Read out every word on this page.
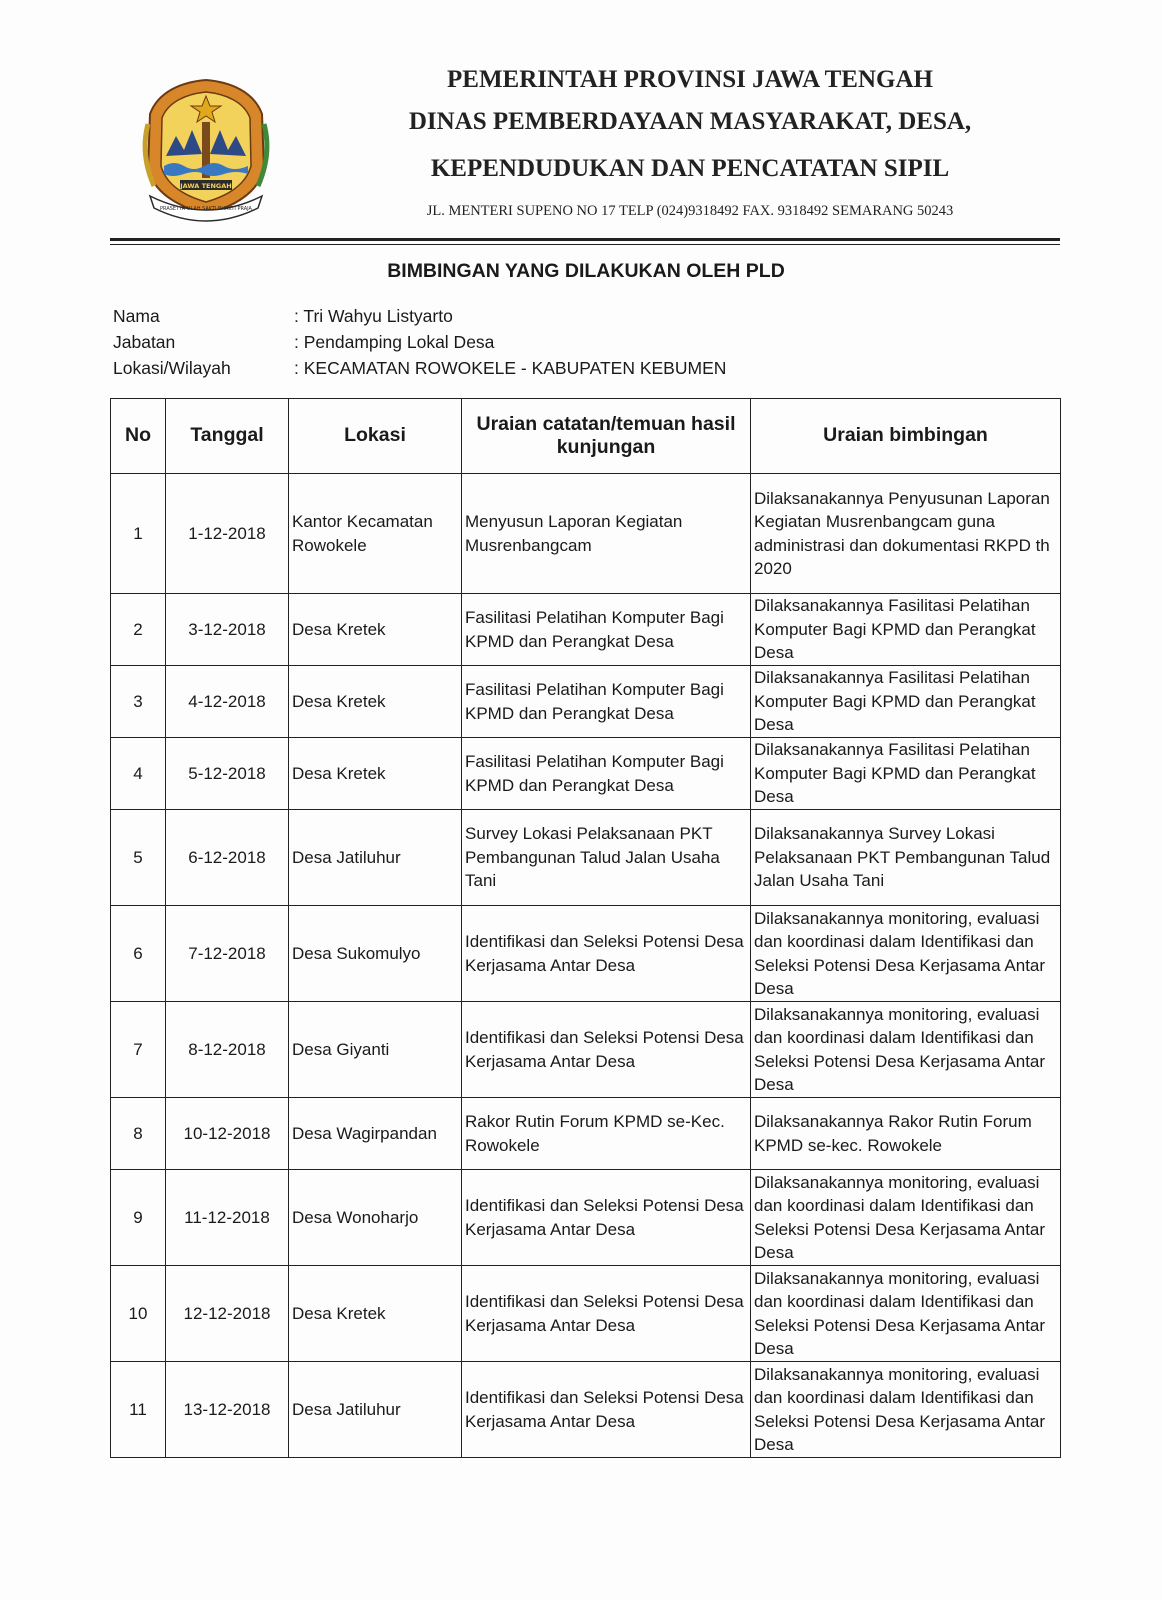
JAWA TENGAH
PRASETYA ULAH SAKTI BHAKTI PRAJA
PEMERINTAH PROVINSI JAWA TENGAH
DINAS PEMBERDAYAAN MASYARAKAT, DESA,
KEPENDUDUKAN DAN PENCATATAN SIPIL
JL. MENTERI SUPENO NO 17 TELP (024)9318492 FAX. 9318492 SEMARANG 50243
BIMBINGAN YANG DILAKUKAN OLEH PLD
Nama	: Tri Wahyu Listyarto
Jabatan	: Pendamping Lokal Desa
Lokasi/Wilayah	: KECAMATAN ROWOKELE - KABUPATEN KEBUMEN
No	Tanggal	Lokasi	Uraian catatan/temuan hasil kunjungan	Uraian bimbingan
1	1-12-2018	Kantor Kecamatan Rowokele	Menyusun Laporan Kegiatan Musrenbangcam	Dilaksanakannya Penyusunan Laporan Kegiatan Musrenbangcam guna administrasi dan dokumentasi RKPD th 2020
2	3-12-2018	Desa Kretek	Fasilitasi Pelatihan Komputer Bagi KPMD dan Perangkat Desa	Dilaksanakannya Fasilitasi Pelatihan Komputer Bagi KPMD dan Perangkat Desa
3	4-12-2018	Desa Kretek	Fasilitasi Pelatihan Komputer Bagi KPMD dan Perangkat Desa	Dilaksanakannya Fasilitasi Pelatihan Komputer Bagi KPMD dan Perangkat Desa
4	5-12-2018	Desa Kretek	Fasilitasi Pelatihan Komputer Bagi KPMD dan Perangkat Desa	Dilaksanakannya Fasilitasi Pelatihan Komputer Bagi KPMD dan Perangkat Desa
5	6-12-2018	Desa Jatiluhur	Survey Lokasi Pelaksanaan PKT Pembangunan Talud Jalan Usaha Tani	Dilaksanakannya Survey Lokasi Pelaksanaan PKT Pembangunan Talud Jalan Usaha Tani
6	7-12-2018	Desa Sukomulyo	Identifikasi dan Seleksi Potensi Desa Kerjasama Antar Desa	Dilaksanakannya monitoring, evaluasi dan koordinasi dalam Identifikasi dan Seleksi Potensi Desa Kerjasama Antar Desa
7	8-12-2018	Desa Giyanti	Identifikasi dan Seleksi Potensi Desa Kerjasama Antar Desa	Dilaksanakannya monitoring, evaluasi dan koordinasi dalam Identifikasi dan Seleksi Potensi Desa Kerjasama Antar Desa
8	10-12-2018	Desa Wagirpandan	Rakor Rutin Forum KPMD se-Kec. Rowokele	Dilaksanakannya Rakor Rutin Forum KPMD se-kec. Rowokele
9	11-12-2018	Desa Wonoharjo	Identifikasi dan Seleksi Potensi Desa Kerjasama Antar Desa	Dilaksanakannya monitoring, evaluasi dan koordinasi dalam Identifikasi dan Seleksi Potensi Desa Kerjasama Antar Desa
10	12-12-2018	Desa Kretek	Identifikasi dan Seleksi Potensi Desa Kerjasama Antar Desa	Dilaksanakannya monitoring, evaluasi dan koordinasi dalam Identifikasi dan Seleksi Potensi Desa Kerjasama Antar Desa
11	13-12-2018	Desa Jatiluhur	Identifikasi dan Seleksi Potensi Desa Kerjasama Antar Desa	Dilaksanakannya monitoring, evaluasi dan koordinasi dalam Identifikasi dan Seleksi Potensi Desa Kerjasama Antar Desa
